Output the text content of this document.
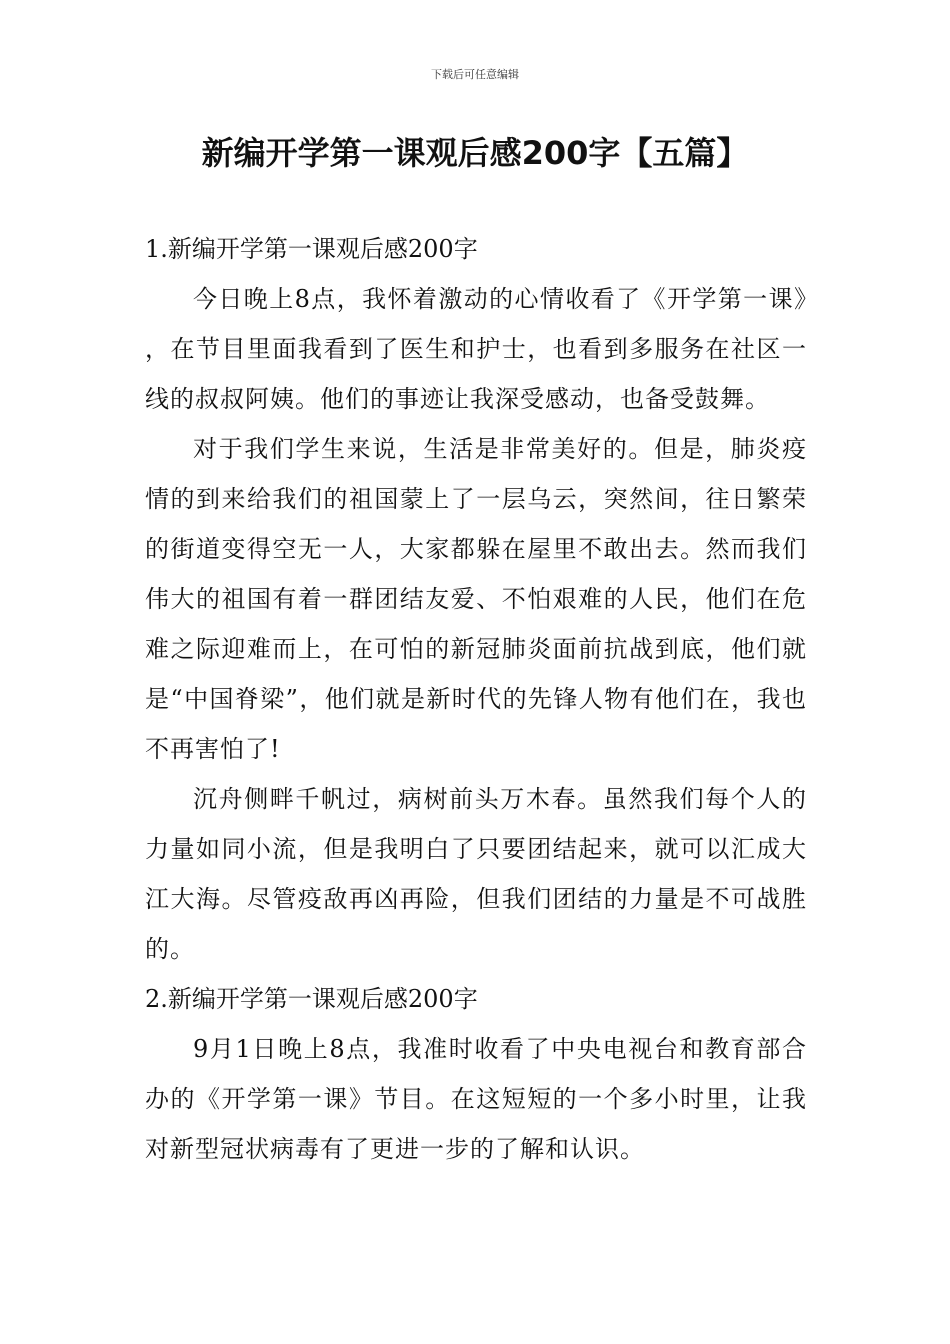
下载后可任意编辑
新编开学第一课观后感200字【五篇】

1.新编开学第一课观后感200字

今日晚上8点，我怀着激动的心情收看了《开学第一课》，在节目里面我看到了医生和护士，也看到多服务在社区一线的叔叔阿姨。他们的事迹让我深受感动，也备受鼓舞。

对于我们学生来说，生活是非常美好的。但是，肺炎疫情的到来给我们的祖国蒙上了一层乌云，突然间，往日繁荣的街道变得空无一人，大家都躲在屋里不敢出去。然而我们伟大的祖国有着一群团结友爱、不怕艰难的人民，他们在危难之际迎难而上，在可怕的新冠肺炎面前抗战到底，他们就是“中国脊梁”，他们就是新时代的先锋人物有他们在，我也不再害怕了!

沉舟侧畔千帆过，病树前头万木春。虽然我们每个人的力量如同小流，但是我明白了只要团结起来，就可以汇成大江大海。尽管疫敌再凶再险，但我们团结的力量是不可战胜的。

2.新编开学第一课观后感200字

9月1日晚上8点，我准时收看了中央电视台和教育部合办的《开学第一课》节目。在这短短的一个多小时里，让我对新型冠状病毒有了更进一步的了解和认识。
